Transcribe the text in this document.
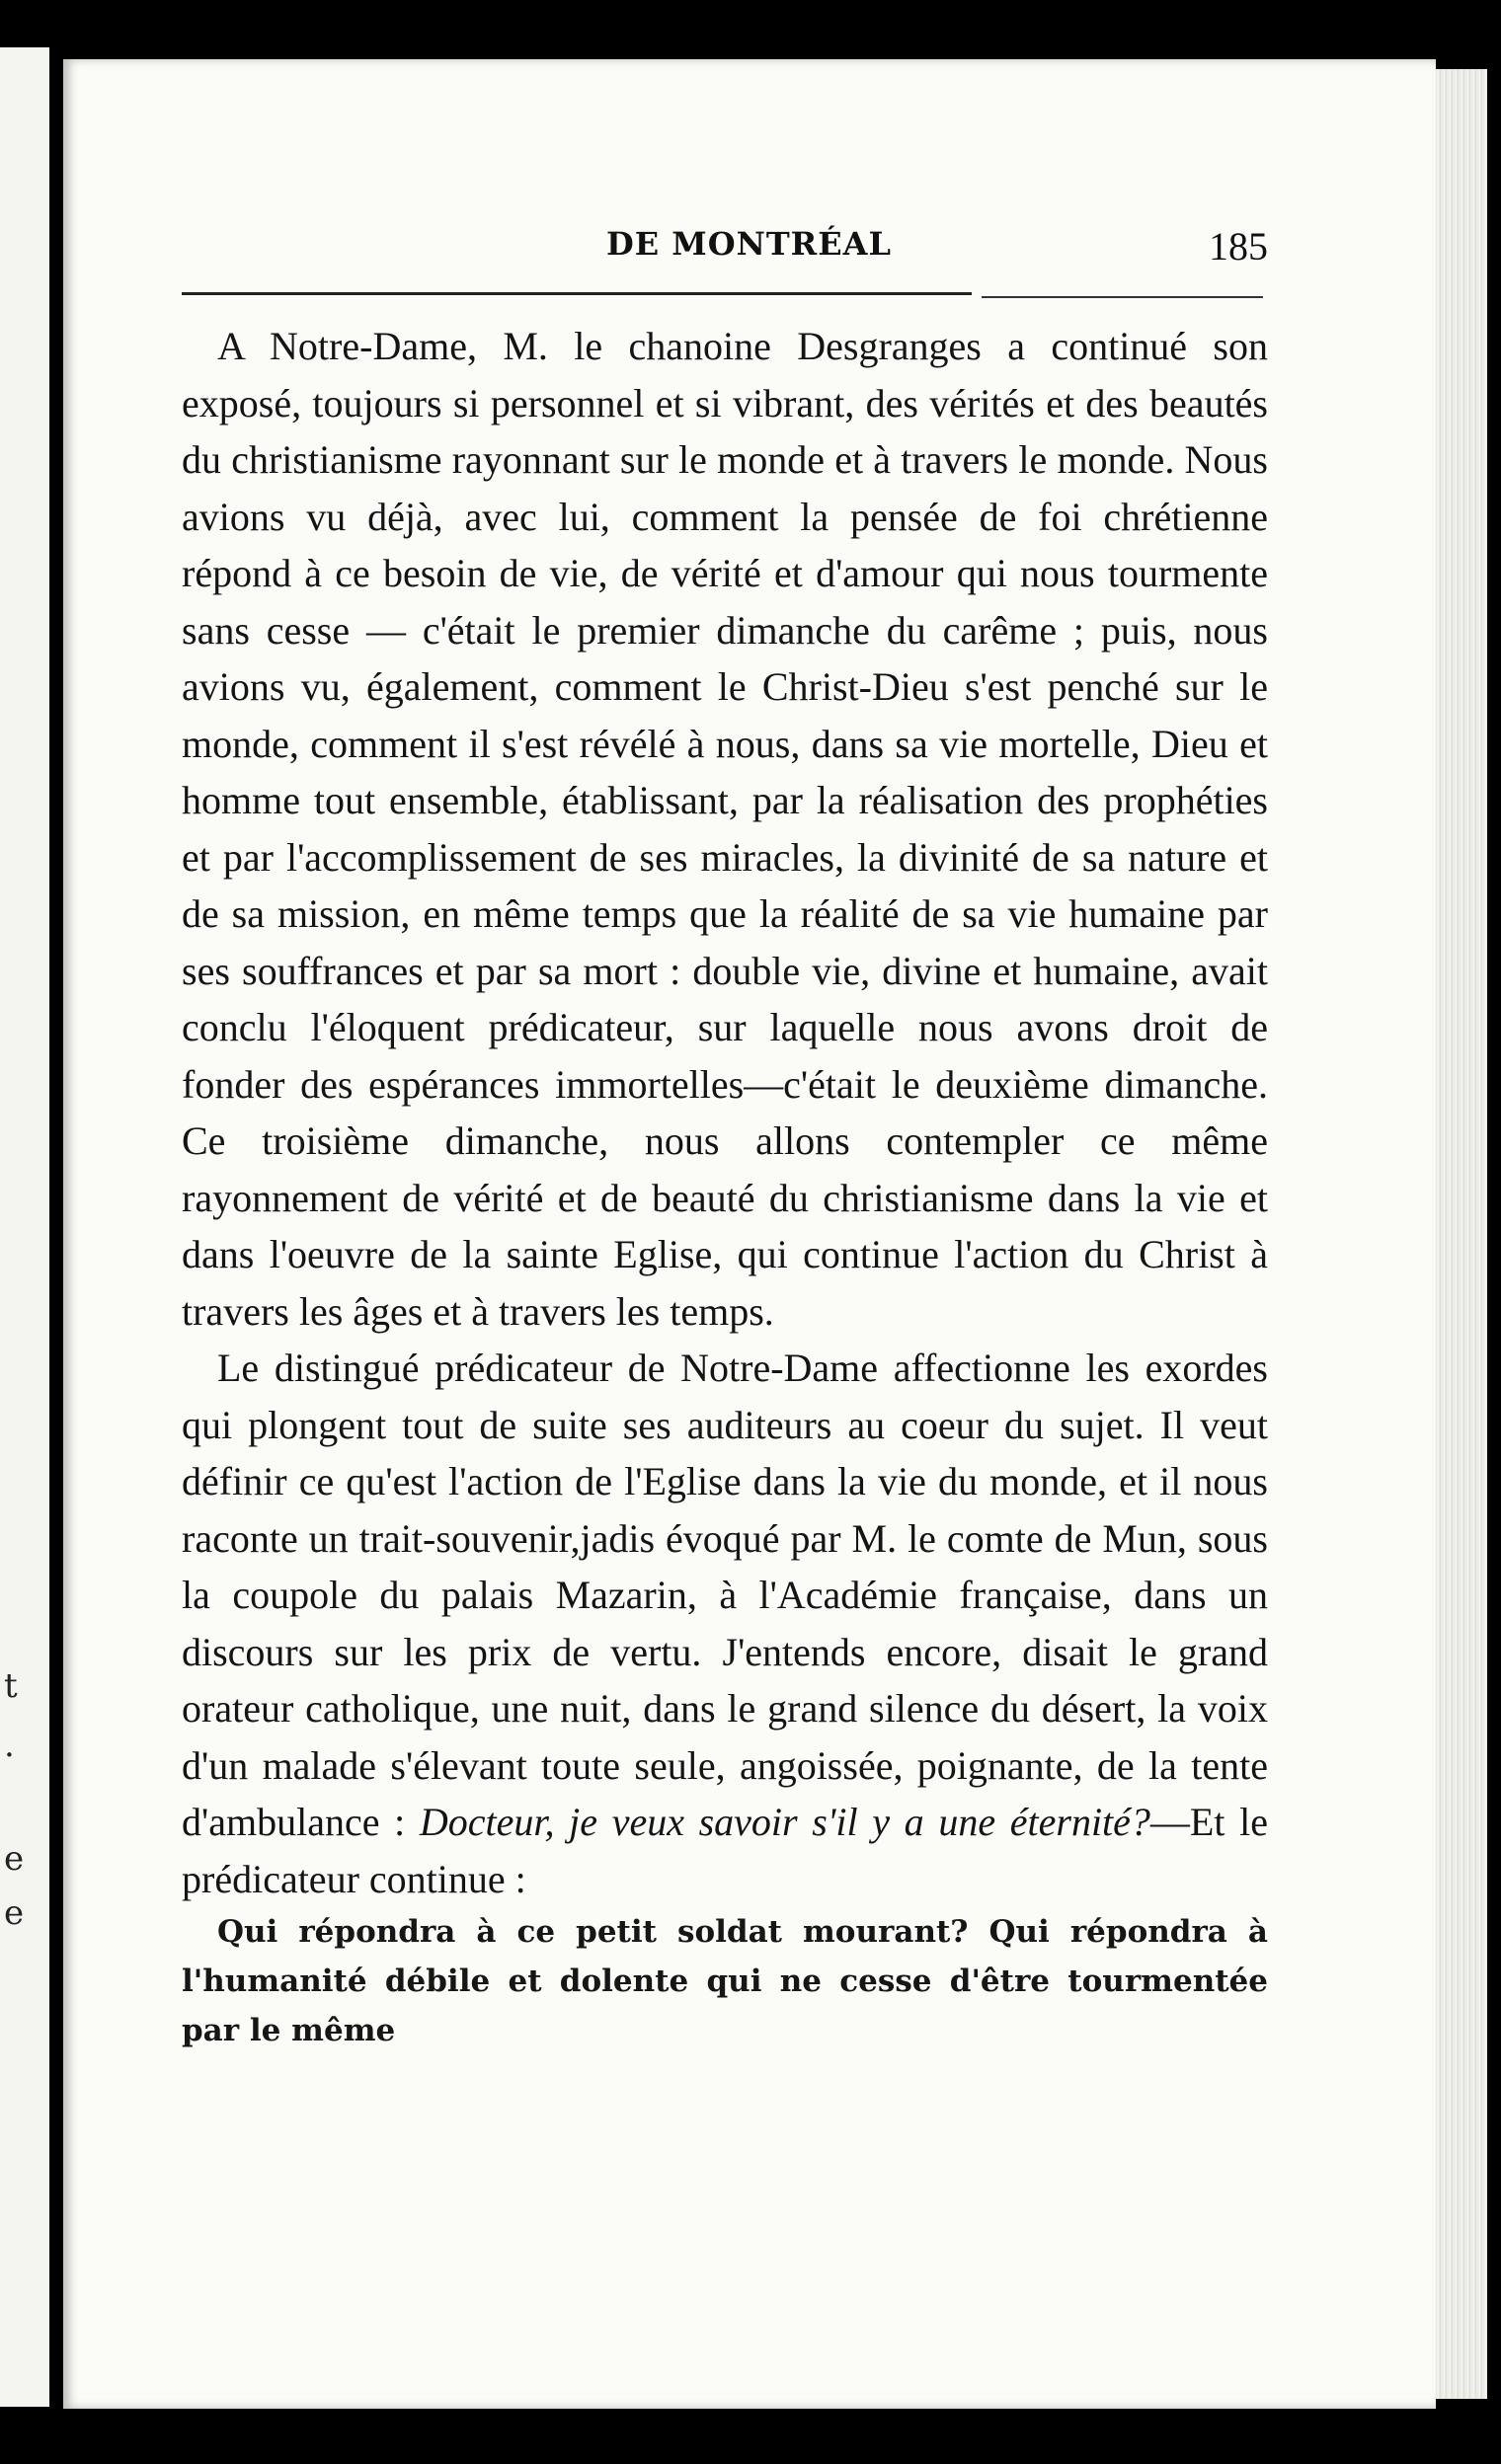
t
.
e
e
DE MONTRÉAL	185

A Notre-Dame, M. le chanoine Desgranges a continué son exposé, toujours si personnel et si vibrant, des vérités et des beautés du christianisme rayonnant sur le monde et à travers le monde. Nous avions vu déjà, avec lui, comment la pensée de foi chrétienne répond à ce besoin de vie, de vérité et d'amour qui nous tourmente sans cesse — c'était le premier dimanche du carême ; puis, nous avions vu, également, comment le Christ-Dieu s'est penché sur le monde, comment il s'est révélé à nous, dans sa vie mortelle, Dieu et homme tout ensemble, établissant, par la réalisation des prophéties et par l'accomplissement de ses miracles, la divinité de sa nature et de sa mission, en même temps que la réalité de sa vie humaine par ses souffrances et par sa mort : double vie, divine et humaine, avait conclu l'éloquent prédicateur, sur laquelle nous avons droit de fonder des espérances immortelles—c'était le deuxième dimanche. Ce troisième dimanche, nous allons contempler ce même rayonnement de vérité et de beauté du christianisme dans la vie et dans l'oeuvre de la sainte Eglise, qui continue l'action du Christ à travers les âges et à travers les temps.

Le distingué prédicateur de Notre-Dame affectionne les exordes qui plongent tout de suite ses auditeurs au coeur du sujet. Il veut définir ce qu'est l'action de l'Eglise dans la vie du monde, et il nous raconte un trait-souvenir,jadis évoqué par M. le comte de Mun, sous la coupole du palais Mazarin, à l'Académie française, dans un discours sur les prix de vertu. J'entends encore, disait le grand orateur catholique, une nuit, dans le grand silence du désert, la voix d'un malade s'élevant toute seule, angoissée, poignante, de la tente d'ambulance : Docteur, je veux savoir s'il y a une éternité?—Et le prédicateur continue :

Qui répondra à ce petit soldat mourant? Qui répondra à l'humanité débile et dolente qui ne cesse d'être tourmentée par le même
